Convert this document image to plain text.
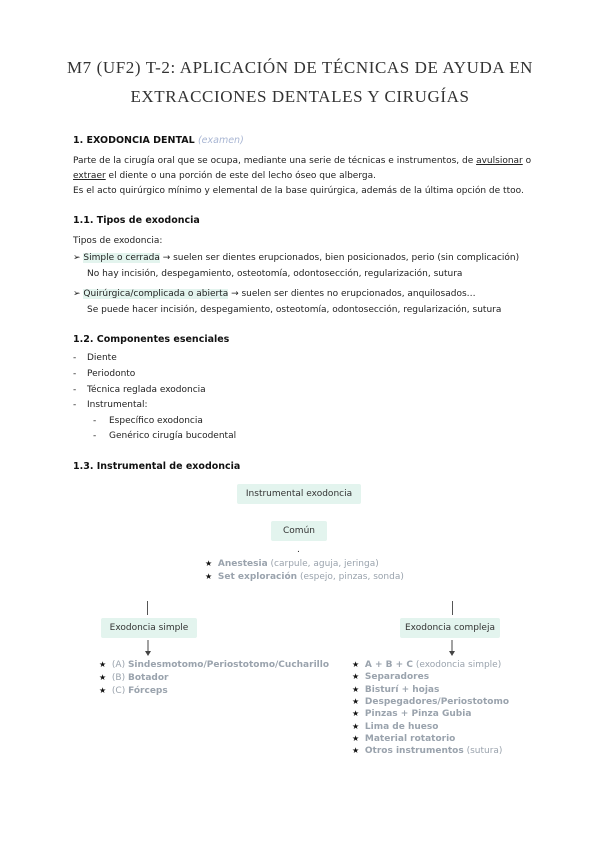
M7 (UF2) T-2: APLICACIÓN DE TÉCNICAS DE AYUDA EN
EXTRACCIONES DENTALES Y CIRUGÍAS
1. EXODONCIA DENTAL (examen)
Parte de la cirugía oral que se ocupa, mediante una serie de técnicas e instrumentos, de avulsionar o
extraer el diente o una porción de este del lecho óseo que alberga.
Es el acto quirúrgico mínimo y elemental de la base quirúrgica, además de la última opción de ttoo.
1.1. Tipos de exodoncia
Tipos de exodoncia:
➢ Simple o cerrada → suelen ser dientes erupcionados, bien posicionados, perio (sin complicación)
No hay incisión, despegamiento, osteotomía, odontosección, regularización, sutura
➢ Quirúrgica/complicada o abierta → suelen ser dientes no erupcionados, anquilosados…
Se puede hacer incisión, despegamiento, osteotomía, odontosección, regularización, sutura
1.2. Componentes esenciales
- Diente
- Periodonto
- Técnica reglada exodoncia
- Instrumental:
- Específico exodoncia
- Genérico cirugía bucodental
1.3. Instrumental de exodoncia
Instrumental exodoncia
Común
.
★ Anestesia (carpule, aguja, jeringa)
★ Set exploración (espejo, pinzas, sonda)
Exodoncia simple	Exodoncia compleja
★ (A) Sindesmotomo/Periostotomo/Cucharillo
★ (B) Botador
★ (C) Fórceps
★ A + B + C (exodoncia simple)
★ Separadores
★ Bisturí + hojas
★ Despegadores/Periostotomo
★ Pinzas + Pinza Gubia
★ Lima de hueso
★ Material rotatorio
★ Otros instrumentos (sutura)
